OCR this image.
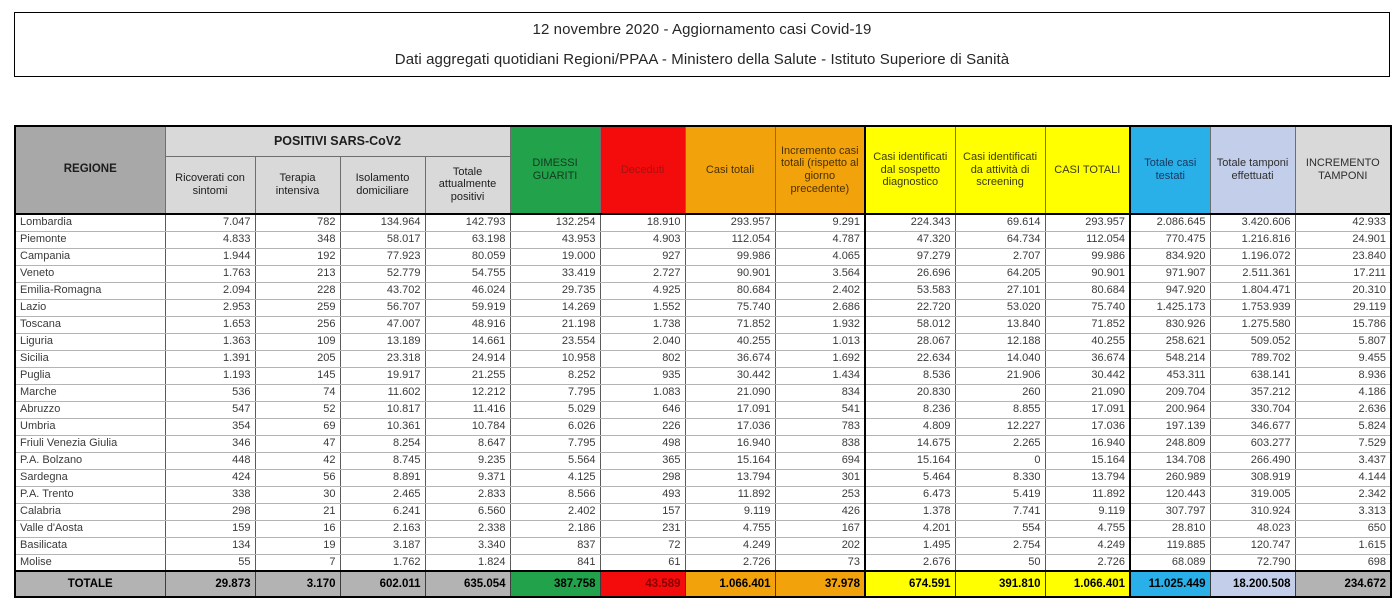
12 novembre 2020 - Aggiornamento casi Covid-19
Dati aggregati quotidiani Regioni/PPAA - Ministero della Salute - Istituto Superiore di Sanità
REGIONE	POSITIVI SARS-CoV2				DIMESSI GUARITI	Deceduti	Casi totali	Incremento casi totali (rispetto al giorno precedente)	Casi identificati dal sospetto diagnostico	Casi identificati da attività di screening	CASI TOTALI	Totale casi testati	Totale tamponi effettuati	INCREMENTO TAMPONI
	Ricoverati con sintomi	Terapia intensiva	Isolamento domiciliare	Totale attualmente positivi										
Lombardia	7.047	782	134.964	142.793	132.254	18.910	293.957	9.291	224.343	69.614	293.957	2.086.645	3.420.606	42.933
Piemonte	4.833	348	58.017	63.198	43.953	4.903	112.054	4.787	47.320	64.734	112.054	770.475	1.216.816	24.901
Campania	1.944	192	77.923	80.059	19.000	927	99.986	4.065	97.279	2.707	99.986	834.920	1.196.072	23.840
Veneto	1.763	213	52.779	54.755	33.419	2.727	90.901	3.564	26.696	64.205	90.901	971.907	2.511.361	17.211
Emilia-Romagna	2.094	228	43.702	46.024	29.735	4.925	80.684	2.402	53.583	27.101	80.684	947.920	1.804.471	20.310
Lazio	2.953	259	56.707	59.919	14.269	1.552	75.740	2.686	22.720	53.020	75.740	1.425.173	1.753.939	29.119
Toscana	1.653	256	47.007	48.916	21.198	1.738	71.852	1.932	58.012	13.840	71.852	830.926	1.275.580	15.786
Liguria	1.363	109	13.189	14.661	23.554	2.040	40.255	1.013	28.067	12.188	40.255	258.621	509.052	5.807
Sicilia	1.391	205	23.318	24.914	10.958	802	36.674	1.692	22.634	14.040	36.674	548.214	789.702	9.455
Puglia	1.193	145	19.917	21.255	8.252	935	30.442	1.434	8.536	21.906	30.442	453.311	638.141	8.936
Marche	536	74	11.602	12.212	7.795	1.083	21.090	834	20.830	260	21.090	209.704	357.212	4.186
Abruzzo	547	52	10.817	11.416	5.029	646	17.091	541	8.236	8.855	17.091	200.964	330.704	2.636
Umbria	354	69	10.361	10.784	6.026	226	17.036	783	4.809	12.227	17.036	197.139	346.677	5.824
Friuli Venezia Giulia	346	47	8.254	8.647	7.795	498	16.940	838	14.675	2.265	16.940	248.809	603.277	7.529
P.A. Bolzano	448	42	8.745	9.235	5.564	365	15.164	694	15.164	0	15.164	134.708	266.490	3.437
Sardegna	424	56	8.891	9.371	4.125	298	13.794	301	5.464	8.330	13.794	260.989	308.919	4.144
P.A. Trento	338	30	2.465	2.833	8.566	493	11.892	253	6.473	5.419	11.892	120.443	319.005	2.342
Calabria	298	21	6.241	6.560	2.402	157	9.119	426	1.378	7.741	9.119	307.797	310.924	3.313
Valle d'Aosta	159	16	2.163	2.338	2.186	231	4.755	167	4.201	554	4.755	28.810	48.023	650
Basilicata	134	19	3.187	3.340	837	72	4.249	202	1.495	2.754	4.249	119.885	120.747	1.615
Molise	55	7	1.762	1.824	841	61	2.726	73	2.676	50	2.726	68.089	72.790	698
TOTALE	29.873	3.170	602.011	635.054	387.758	43.589	1.066.401	37.978	674.591	391.810	1.066.401	11.025.449	18.200.508	234.672
